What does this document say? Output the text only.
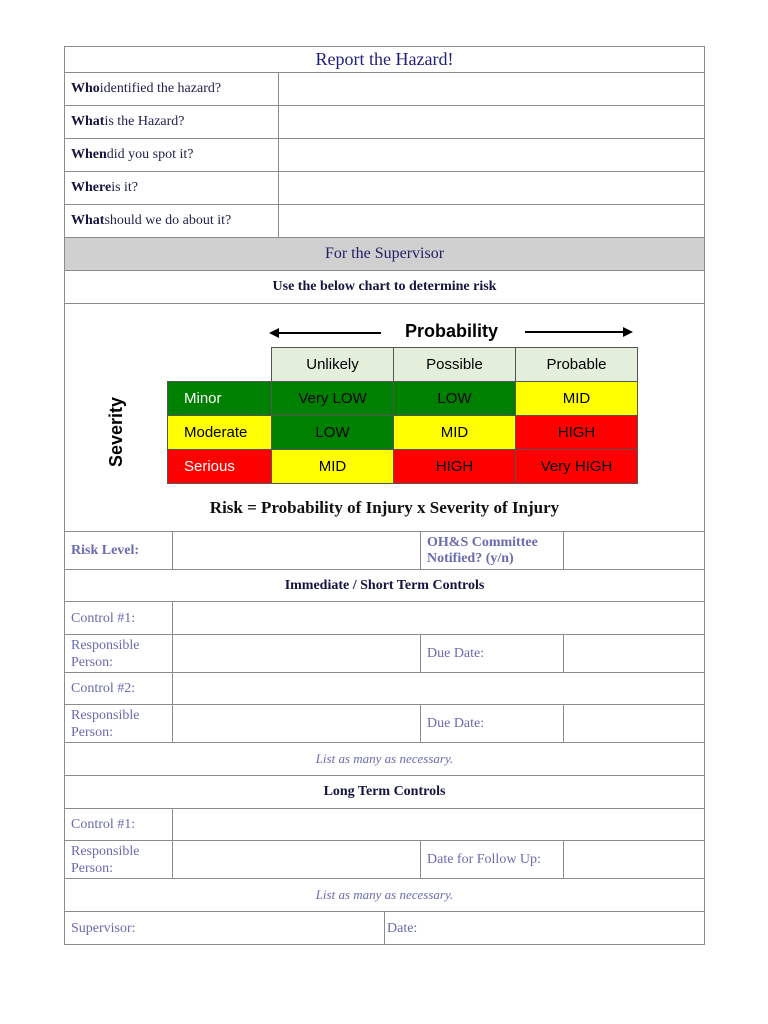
Report the Hazard!
Who identified the hazard?
What is the Hazard?
When did you spot it?
Where is it?
What should we do about it?
For the Supervisor
Use the below chart to determine risk
Probability
Severity
Unlikely	Possible	Probable
Minor	Very LOW	LOW	MID
Moderate	LOW	MID	HIGH
Serious	MID	HIGH	Very HIGH
Risk = Probability of Injury x Severity of Injury
Risk Level:
OH&S Committee Notified? (y/n)
Immediate / Short Term Controls
Control #1:
Responsible Person:
Due Date:
Control #2:
Responsible Person:
Due Date:
List as many as necessary.
Long Term Controls
Control #1:
Responsible Person:
Date for Follow Up:
List as many as necessary.
Supervisor:	Date:
